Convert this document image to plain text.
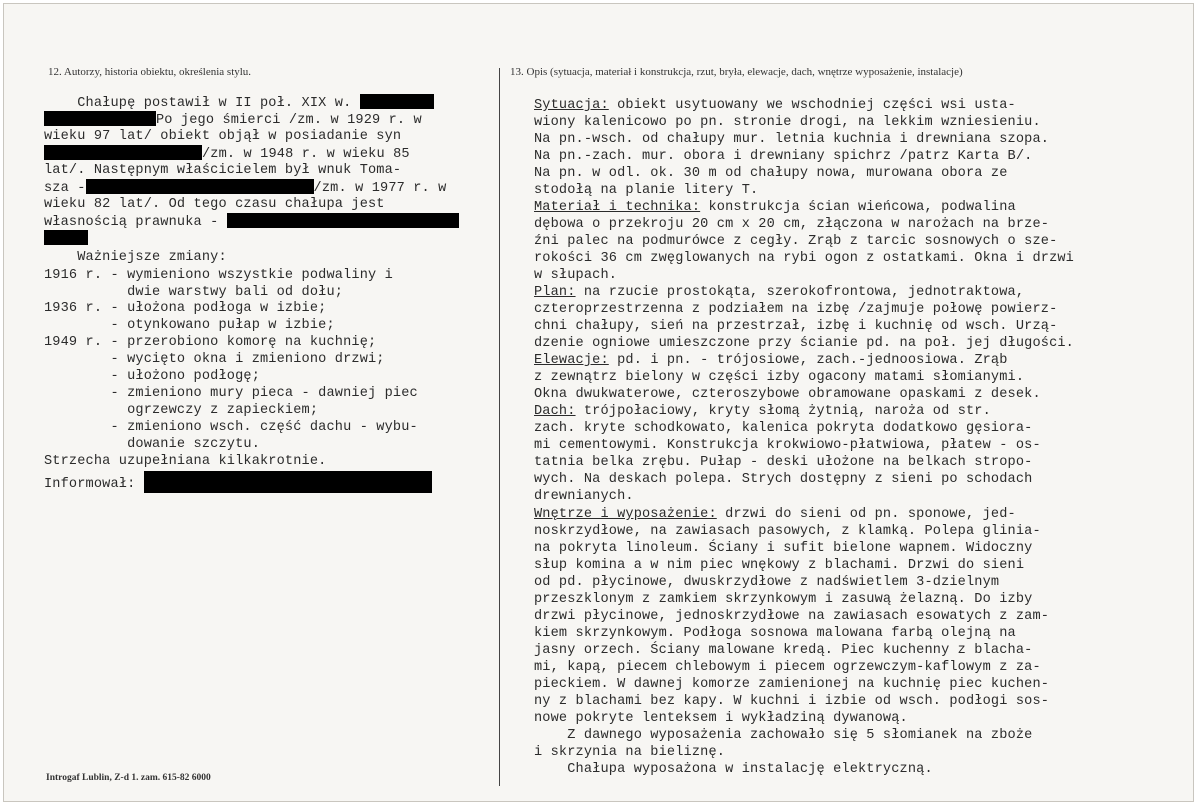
12. Autorzy, historia obiektu, określenia stylu.	13. Opis (sytuacja, materiał i konstrukcja, rzut, bryła, elewacje, dach, wnętrze wyposażenie, instalacje)
Chałupę postawił w II poł. XIX w.
Po jego śmierci /zm. w 1929 r. w
wieku 97 lat/ obiekt objął w posiadanie syn
/zm. w 1948 r. w wieku 85
lat/. Następnym właścicielem był wnuk Toma-
sza -	/zm. w 1977 r. w
wieku 82 lat/. Od tego czasu chałupa jest
własnością prawnuka -
Ważniejsze zmiany:
1916 r. - wymieniono wszystkie podwaliny i
dwie warstwy bali od dołu;
1936 r. - ułożona podłoga w izbie;
- otynkowano pułap w izbie;
1949 r. - przerobiono komorę na kuchnię;
- wycięto okna i zmieniono drzwi;
- ułożono podłogę;
- zmieniono mury pieca - dawniej piec
ogrzewczy z zapieckiem;
- zmieniono wsch. część dachu - wybu-
dowanie szczytu.
Strzecha uzupełniana kilkakrotnie.
Informował:
Sytuacja: obiekt usytuowany we wschodniej części wsi usta-
wiony kalenicowo po pn. stronie drogi, na lekkim wzniesieniu.
Na pn.-wsch. od chałupy mur. letnia kuchnia i drewniana szopa.
Na pn.-zach. mur. obora i drewniany spichrz /patrz Karta B/.
Na pn. w odl. ok. 30 m od chałupy nowa, murowana obora ze
stodołą na planie litery T.
Materiał i technika: konstrukcja ścian wieńcowa, podwalina
dębowa o przekroju 20 cm x 20 cm, złączona w narożach na brze-
źni palec na podmurówce z cegły. Zrąb z tarcic sosnowych o sze-
rokości 36 cm zwęglowanych na rybi ogon z ostatkami. Okna i drzwi
w słupach.
Plan: na rzucie prostokąta, szerokofrontowa, jednotraktowa,
czteroprzestrzenna z podziałem na izbę /zajmuje połowę powierz-
chni chałupy, sień na przestrzał, izbę i kuchnię od wsch. Urzą-
dzenie ogniowe umieszczone przy ścianie pd. na poł. jej długości.
Elewacje: pd. i pn. - trójosiowe, zach.-jednoosiowa. Zrąb
z zewnątrz bielony w części izby ogacony matami słomianymi.
Okna dwukwaterowe, czteroszybowe obramowane opaskami z desek.
Dach: trójpołaciowy, kryty słomą żytnią, naroża od str.
zach. kryte schodkowato, kalenica pokryta dodatkowo gęsiora-
mi cementowymi. Konstrukcja krokwiowo-płatwiowa, płatew - os-
tatnia belka zrębu. Pułap - deski ułożone na belkach stropo-
wych. Na deskach polepa. Strych dostępny z sieni po schodach
drewnianych.
Wnętrze i wyposażenie: drzwi do sieni od pn. sponowe, jed-
noskrzydłowe, na zawiasach pasowych, z klamką. Polepa glinia-
na pokryta linoleum. Ściany i sufit bielone wapnem. Widoczny
słup komina a w nim piec wnękowy z blachami. Drzwi do sieni
od pd. płycinowe, dwuskrzydłowe z nadświetlem 3-dzielnym
przeszklonym z zamkiem skrzynkowym i zasuwą żelazną. Do izby
drzwi płycinowe, jednoskrzydłowe na zawiasach esowatych z zam-
kiem skrzynkowym. Podłoga sosnowa malowana farbą olejną na
jasny orzech. Ściany malowane kredą. Piec kuchenny z blacha-
mi, kapą, piecem chlebowym i piecem ogrzewczym-kaflowym z za-
pieckiem. W dawnej komorze zamienionej na kuchnię piec kuchen-
ny z blachami bez kapy. W kuchni i izbie od wsch. podłogi sos-
nowe pokryte lenteksem i wykładziną dywanową.
Z dawnego wyposażenia zachowało się 5 słomianek na zboże
i skrzynia na bieliznę.
Chałupa wyposażona w instalację elektryczną.
Introgaf Lublin, Z-d 1. zam. 615-82 6000
